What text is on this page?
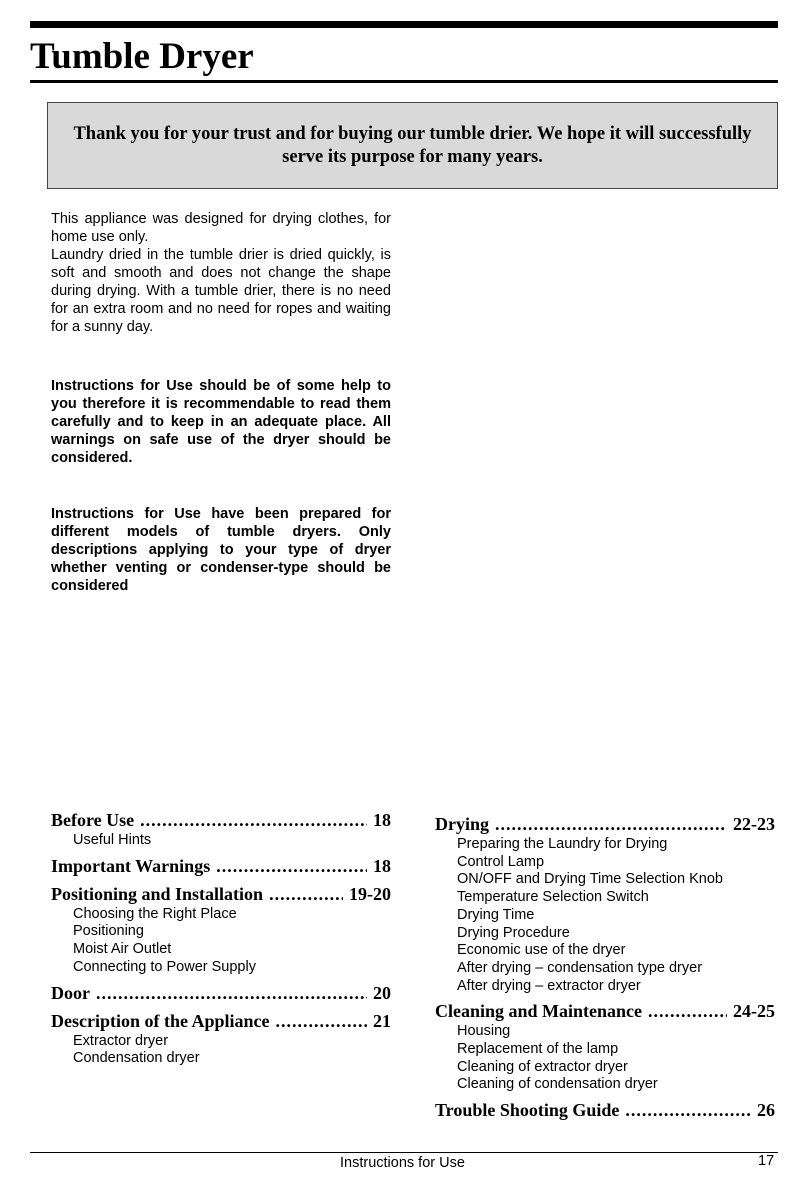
Tumble Dryer
Thank you for your trust and for buying our tumble drier. We hope it will successfully serve its purpose for many years.

This appliance was designed for drying clothes, for home use only.

Laundry dried in the tumble drier is dried quickly, is soft and smooth and does not change the shape during drying. With a tumble drier, there is no need for an extra room and no need for ropes and waiting for a sunny day.

Instructions for Use should be of some help to you therefore it is recommendable to read them carefully and to keep in an adequate place. All warnings on safe use of the dryer should be considered.

Instructions for Use have been prepared for different models of tumble dryers. Only descriptions applying to your type of dryer whether venting or condenser-type should be considered

Before Use .....	18
Useful Hints
Important Warnings .....	18
Positioning and Installation .....	19-20
Choosing the Right Place
Positioning
Moist Air Outlet
Connecting to Power Supply
Door .....	20
Description of the Appliance .....	21
Extractor dryer
Condensation dryer
Drying .....	22-23
Preparing the Laundry for Drying
Control Lamp
ON/OFF and Drying Time Selection Knob
Temperature Selection Switch
Drying Time
Drying Procedure
Economic use of the dryer
After drying – condensation type dryer
After drying – extractor dryer
Cleaning and Maintenance .....	24-25
Housing
Replacement of the lamp
Cleaning of extractor dryer
Cleaning of condensation dryer
Trouble Shooting Guide .....	26
Instructions for Use	17
